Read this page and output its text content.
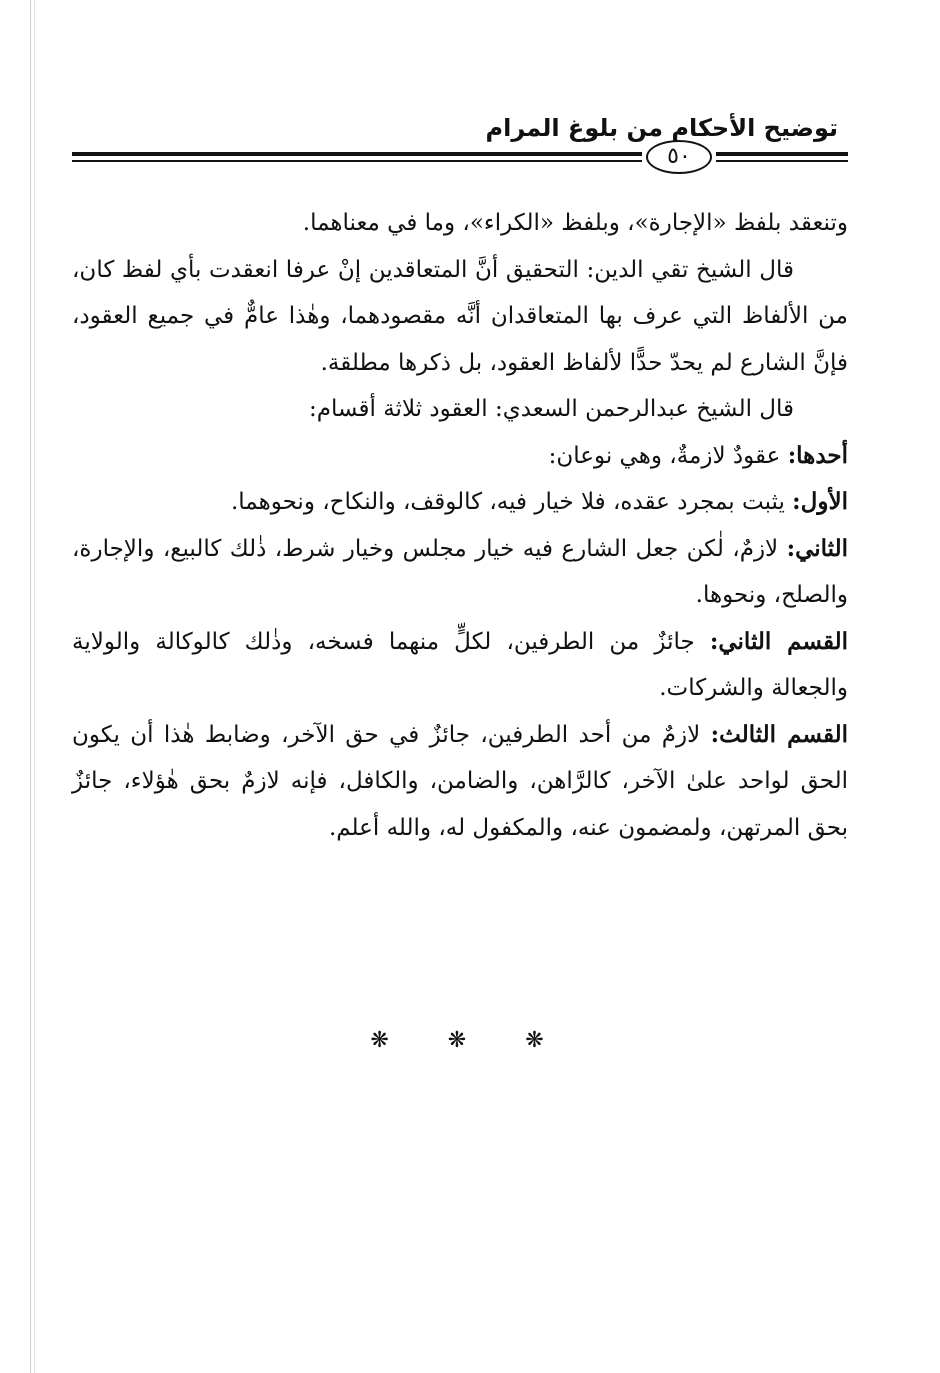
توضيح الأحكام من بلوغ المرام
٥٠

وتنعقد بلفظ «الإجارة»، وبلفظ «الكراء»، وما في معناهما.

قال الشيخ تقي الدين: التحقيق أنَّ المتعاقدين إنْ عرفا انعقدت بأي لفظ كان، من الألفاظ التي عرف بها المتعاقدان أنَّه مقصودهما، وهٰذا عامٌّ في جميع العقود، فإنَّ الشارع لم يحدّ حدًّا لألفاظ العقود، بل ذكرها مطلقة.

قال الشيخ عبدالرحمن السعدي: العقود ثلاثة أقسام:

أحدها: عقودٌ لازمةٌ، وهي نوعان:

الأول: يثبت بمجرد عقده، فلا خيار فيه، كالوقف، والنكاح، ونحوهما.

الثاني: لازمٌ، لٰكن جعل الشارع فيه خيار مجلس وخيار شرط، ذٰلك كالبيع، والإجارة، والصلح، ونحوها.

القسم الثاني: جائزٌ من الطرفين، لكلٍّ منهما فسخه، وذٰلك كالوكالة والولاية والجعالة والشركات.

القسم الثالث: لازمٌ من أحد الطرفين، جائزٌ في حق الآخر، وضابط هٰذا أن يكون الحق لواحد علىٰ الآخر، كالرَّاهن، والضامن، والكافل، فإنه لازمٌ بحق هٰؤلاء، جائزٌ بحق المرتهن، ولمضمون عنه، والمكفول له، والله أعلم.

❋ ❋ ❋
